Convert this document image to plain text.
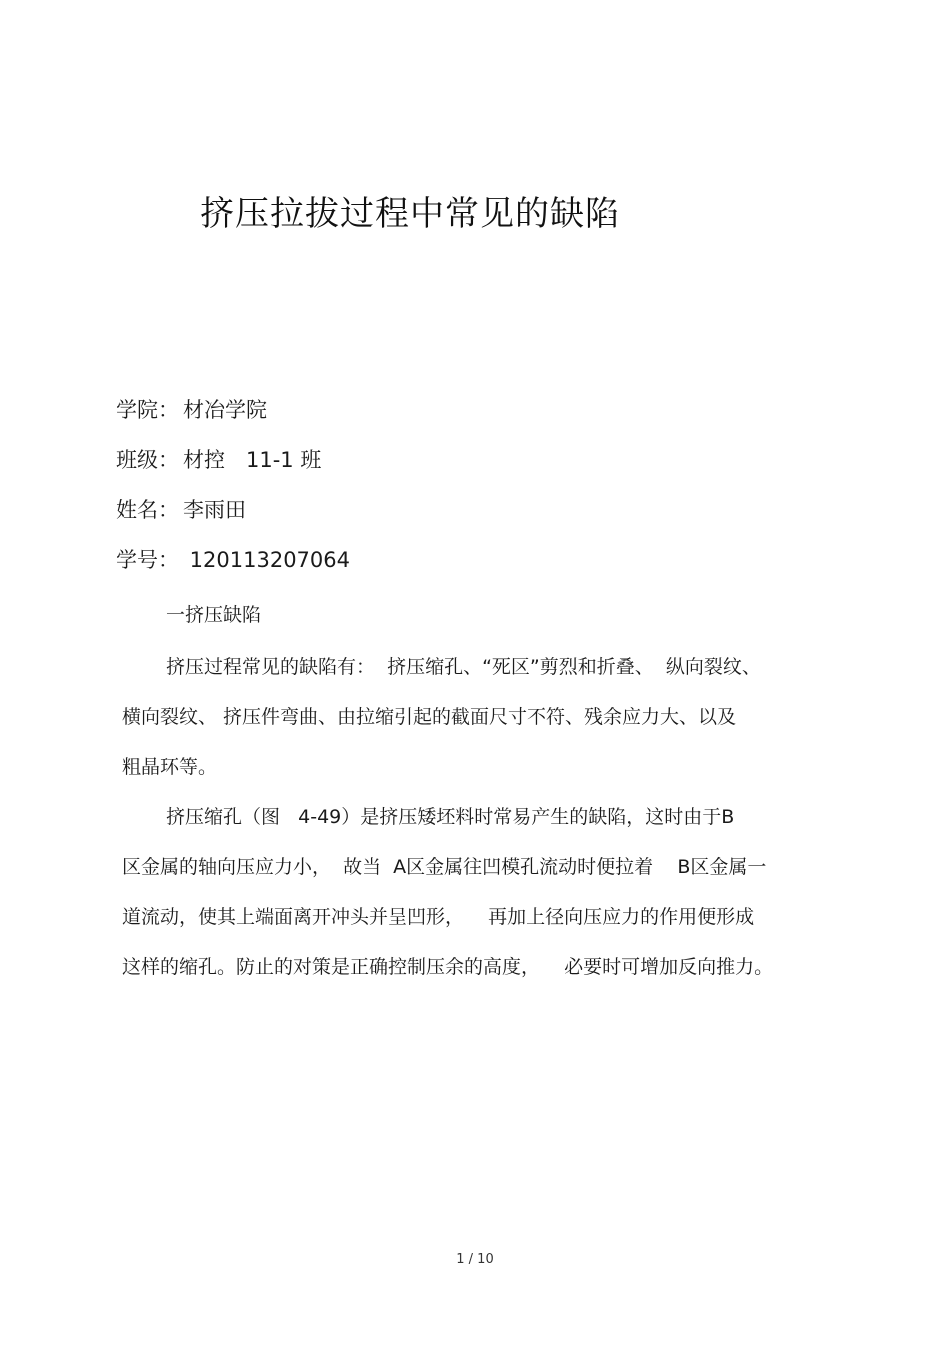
挤压拉拔过程中常见的缺陷
学院： 材冶学院
班级： 材控　11-1 班
姓名： 李雨田
学号： 120113207064
一挤压缺陷
挤压过程常见的缺陷有：  挤压缩孔、“死区”剪烈和折叠、  纵向裂纹、
横向裂纹、 挤压件弯曲、由拉缩引起的截面尺寸不符、残余应力大、以及
粗晶环等。
挤压缩孔（图   4-49）是挤压矮坯料时常易产生的缺陷，这时由于B
区金属的轴向压应力小，  故当  A区金属往凹模孔流动时便拉着    B区金属一
道流动，使其上端面离开冲头并呈凹形，    再加上径向压应力的作用便形成
这样的缩孔。防止的对策是正确控制压余的高度，    必要时可增加反向推力。
1 / 10
